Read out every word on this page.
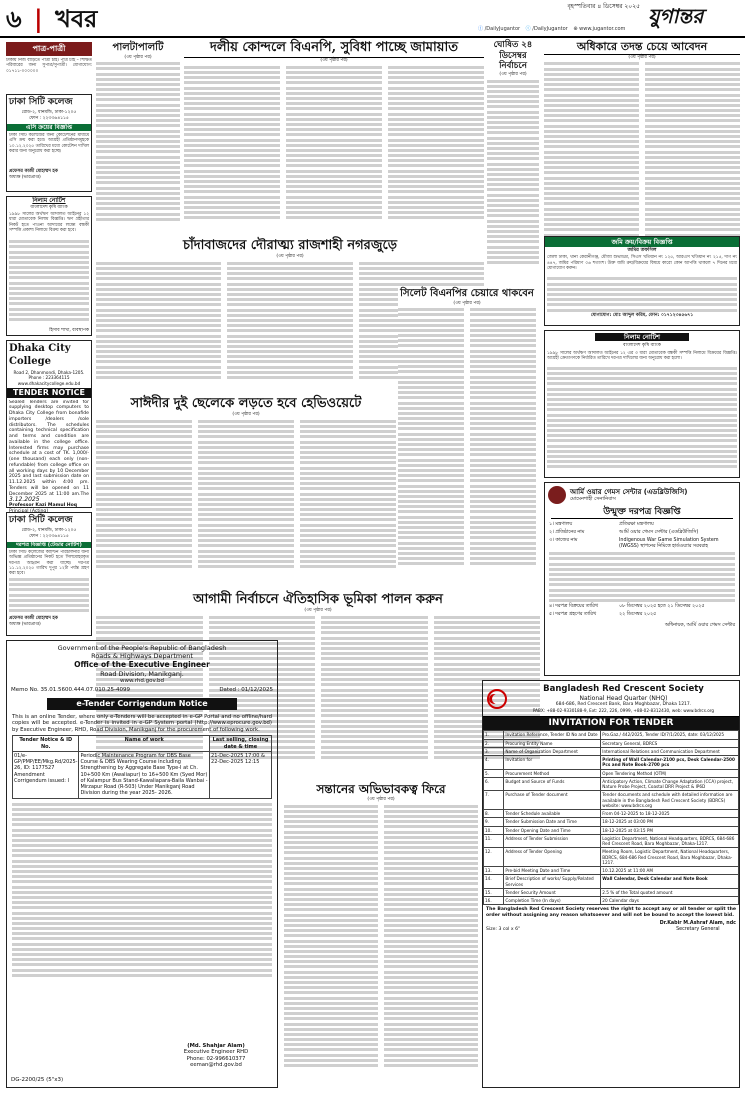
৬ | খবর	বৃহস্পতিবার ৪ ডিসেম্বর ২০২৫
ⓕ /DailyJugantor ⓣ /DailyJugantor ⊕ www.jugantor.com
যুগান্তর
পাত্র-পাত্রী
ঢাকায় নিজ বাড়িতে পাত্রী চাই। পাত্র চাই – শিক্ষিত পরিবারের জন্য সুপাত্র/সুপাত্রী। যোগাযোগ: ০১৭১১-০০০০০০
ঢাকা সিটি কলেজ
রোড-২, ধানমন্ডি, ঢাকা-১২০৫
ফোন : ২২৩৩৬৪১১৫
এসি ক্রয়ের বিজ্ঞপ্তি
ঢাকা সিটি কলেজের জন্য কোটেশনের মাধ্যমে এসি ক্রয় করা হবে। আগ্রহী প্রতিষ্ঠানসমূহকে ১০.১২.২০২৫ তারিখের মধ্যে কোটেশন দাখিল করার জন্য অনুরোধ করা হচ্ছে।
প্রফেসর কাজী মোহাম্মদ হক
অধ্যক্ষ (ভারপ্রাপ্ত)
নিলাম নোটিশ
বাংলাদেশ কৃষি ব্যাংক
১৯৯৮ সালের অর্থঋণ আদালত আইনের ১২ ধারা মোতাবেক নিলাম বিজ্ঞপ্তি। ঋণ গ্রহীতার নিকট হতে পাওনা আদায়ের লক্ষ্যে বন্ধকী সম্পত্তি প্রকাশ্য নিলামে বিক্রয় করা হবে।
হিসাব শাখা, ব্যবস্থাপক
Dhaka City College
Road 2, Dhanmondi, Dhaka-1205. Phone : 223364115
www.dhakacitycollege.edu.bd
TENDER NOTICE
Sealed Tenders are invited for supplying desktop computers to Dhaka City College from bonafide importers /dealers /sole distributors. The schedules containing technical specification and terms and condition are available in the college office. Interested firms may purchase schedule at a cost of TK. 1,000/- (one thousand) each only (non-refundable) from college office on all working days by 10 December 2025 and last submission date on 11.12.2025 within 4:00 pm. Tenders will be opened on 11 December 2025 at 11:00 am.The
3.12.2025
Professor Kazi Mamul Hoq
Principal (Acting)
ঢাকা সিটি কলেজ
রোড-২, ধানমন্ডি, ঢাকা-১২০৫
ফোন : ২২৩৩৬৪১১৫
দরপত্র বিজ্ঞপ্তি (টেন্ডার নোটিশ)
ঢাকা সিটি কলেজের ক্যান্টিন পরিচালনার জন্য অভিজ্ঞ প্রতিষ্ঠানের নিকট হতে সিলমোহরকৃত দরপত্র আহ্বান করা যাচ্ছে। দরপত্র ১১.১২.২০২৫ তারিখ দুপুর ১২টা পর্যন্ত গ্রহণ করা হবে।
প্রফেসর কাজী মোহাম্মদ হক
অধ্যক্ষ (ভারপ্রাপ্ত)
পালটাপালটি
(৩য় পৃষ্ঠার পর)
দলীয় কোন্দলে বিএনপি, সুবিধা পাচ্ছে জামায়াত
(৩য় পৃষ্ঠার পর)
ঘোষিত ২৪ ডিসেম্বর নির্বাচনে
(৩য় পৃষ্ঠার পর)
অধিকারে তদন্ত চেয়ে আবেদন
(৩য় পৃষ্ঠার পর)
চাঁদাবাজদের দৌরাত্ম্য রাজশাহী নগরজুড়ে
(৩য় পৃষ্ঠার পর)
সিলেট বিএনপির চেয়ারে থাকবেন
(৩য় পৃষ্ঠার পর)
সাঈদীর দুই ছেলেকে লড়তে হবে হেভিওয়েটে
(৩য় পৃষ্ঠার পর)
আগামী নির্বাচনে ঐতিহাসিক ভূমিকা পালন করুন
(৩য় পৃষ্ঠার পর)
সন্তানের অভিভাবকত্ব ফিরে
(৩য় পৃষ্ঠার পর)
Government of the People's Republic of Bangladesh
Roads & Highways Department
Office of the Executive Engineer
Road Division, Manikganj.
www.rhd.gov.bd
Memo No. 35.01.5600.444.07.010.25-4099	Dated : 01/12/2025
e-Tender Corrigendum Notice
This is an online Tender, where only e-Tenders will be accepted in e-GP Portal and no offline/hard copies will be accepted. e-Tender is invited in e-GP System portal (http://www.eprocure.gov.bd) by Executive Engineer, RHD, Road Division, Manikganj for the procurement of following work.
Tender Notice & ID No.	Name of work	Last selling, closing date & time
01/e-GP/PMP/EE/Mkg.Rd/2025-26, ID: 1177527 Amendment Corrigendum issued: I	Periodic Maintenance Program for DBS Base Course & DBS Wearing Course including Strengthening by Aggregate Base Type-I at Ch. 10+500 Km (Awaliapur) to 16+500 Km (Syed Mor) of Kalampur Bus Stand-Kawaliapara-Baila Wanbai - Mirzapur Road (R-503) Under Manikganj Road Division during the year 2025- 2026.	21-Dec-2025 17:00 & 22-Dec-2025 12:15
(Md. Shahjar Alam)
Executive Engineer RHD
Phone: 02-996610377
eeman@rhd.gov.bd
DG-2200/25 (5"x3)
জমি ক্রয়/বিক্রয় বিজ্ঞপ্তি
জমির তফসিল
জেলা ঢাকা, থানা কেরানীগঞ্জ, মৌজা শুভাড্ডা, সিএস খতিয়ান নং ১২৫, আরএস খতিয়ান নং ২১৫, দাগ নং ৪৪৭, জমির পরিমাণ ০৬ শতাংশ। উক্ত জমি ক্রয়/বিক্রয়ের বিষয়ে কারো কোন আপত্তি থাকলে ৭ দিনের মধ্যে যোগাযোগ করুন।
যোগাযোগ: মোঃ আব্দুল করিম, ফোন: ০১৭১২৩৪৫৬৭১
নিলাম নোটিশ
বাংলাদেশ কৃষি ব্যাংক
১৯৯৮ সালের অর্থঋণ আদালত আইনের ১২ এর ৩ ধারা মোতাবেক বন্ধকী সম্পত্তি নিলামে বিক্রয়ের বিজ্ঞপ্তি। আগ্রহী ক্রেতাগণকে নির্ধারিত তারিখে দরপত্র দাখিলের জন্য অনুরোধ করা হলো।
আর্মি ওয়ার গেমস সেন্টার (এডব্লিউজিসি)
মোমেনশাহী সেনানিবাস
উন্মুক্ত দরপত্র বিজ্ঞপ্তি
১। মন্ত্রণালয়	প্রতিরক্ষা মন্ত্রণালয়
২। প্রতিষ্ঠানের নাম	আর্মি ওয়ার গেমস সেন্টার (এডব্লিউজিসি)
৩। কাজের নাম	Indigenous War Game Simulation System (IWGSS) স্থাপনের নিমিত্তে হার্ডওয়্যার সরবরাহ
৪। দরপত্র বিক্রয়ের তারিখ	০৮ ডিসেম্বর ২০২৫ হতে ২১ ডিসেম্বর ২০২৫
৫। দরপত্র গ্রহণের তারিখ	২২ ডিসেম্বর ২০২৫
অধিনায়ক, আর্মি ওয়ার গেমস সেন্টার
Bangladesh Red Crescent Society
National Head Quarter (NHQ)
684-686, Red Crescent Bank, Bara Moghbazar, Dhaka 1217.
PABX: +88-02-9330188-9, Ext: 222, 226, 0999, +88-02-8312430, web: www.bdrcs.org
INVITATION FOR TENDER
1.	Invitation Reference, Tender ID No and Date	Pro.Gaz./ 442/2025, Tender ID/7/1/2025, date: 03/12/2025
2.	Procuring Entity Name	Secretary General, BDRCS
3.	Name of Organization Department	International Relations and Communication Department
4.	Invitation for	Printing of Wall Calendar-2100 pcs, Desk Calendar-2500 Pcs and Note Book-2700 pcs
5.	Procurement Method	Open Tendering Method (OTM)
6.	Budget and Source of Funds	Anticipatory Action, Climate Change Adaptation (CCA) project, Nature Probe Project, Coastal DRR Project & IP6D
7.	Purchase of Tender document	Tender documents and schedule with detailed information are available in the Bangladesh Red Crescent Society (BDRCS) website: www.bdrcs.org
8.	Tender Schedule available	From 04-12-2025 to 18-12-2025
9.	Tender Submission Date and Time	18-12-2025 at 03:00 PM
10.	Tender Opening Date and Time	18-12-2025 at 03:15 PM
11.	Address of Tender Submission	Logistics Department, National Headquarters, BDRCS, 684-686 Red Crescent Road, Bara Moghbazar, Dhaka-1217.
12.	Address of Tender Opening	Meeting Room, Logistic Department, National Headquarters, BDRCS, 684-686 Red Crescent Road, Bara Moghbazar, Dhaka-1217.
13.	Pre-bid Meeting Date and Time	10.12.2025 at 11:00 AM
14.	Brief Description of works/ Supply/Related Services	Wall Calendar, Desk Calendar and Note Book
15.	Tender Security Amount	2.5 % of the Total quoted amount
16.	Completion Time (In days)	20 Calendar days
The Bangladesh Red Crescent Society reserves the right to accept any or all tender or split the order without assigning any reason whatsoever and will not be bound to accept the lowest bid.
Size: 3 col x 6"
Dr.Kabir M.Ashraf Alam, ndc
Secretary General
